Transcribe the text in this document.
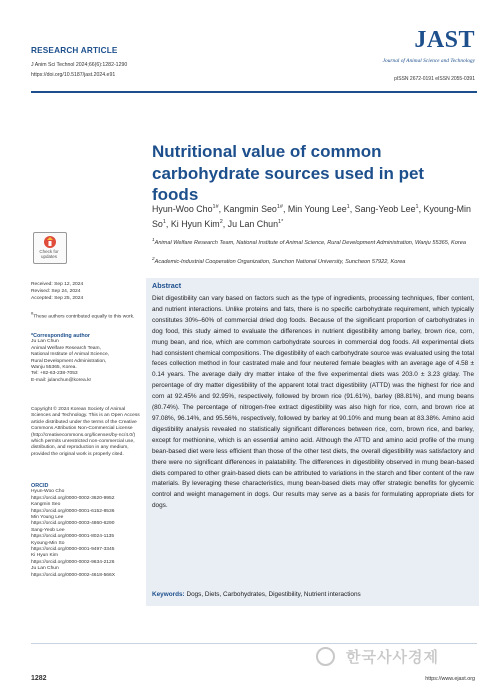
RESEARCH ARTICLE
J Anim Sci Technol 2024;66(6):1282-1290
https://doi.org/10.5187/jast.2024.e91
JAST
Journal of Animal Science and Technology
pISSN 2672-0191 eISSN 2055-0391
Nutritional value of common carbohydrate sources used in pet foods
Hyun-Woo Cho$^{1\#}$, Kangmin Seo$^{1\#}$, Min Young Lee$^1$, Sang-Yeob Lee$^1$, Kyoung-Min So$^1$, Ki Hyun Kim$^2$, Ju Lan Chun$^{1*}$
$^1$Animal Welfare Research Team, National Institute of Animal Science, Rural Development Administration, Wanju 55365, Korea
$^2$Academic-Industrial Cooperation Organization, Sunchon National University, Suncheon 57922, Korea
Check for updates
Received: Sep 12, 2024
Revised: Sep 24, 2024
Accepted: Sep 25, 2024
#These authors contributed equally to this work.
*Corresponding author
Ju Lan Chun
Animal Welfare Research Team,
National Institute of Animal Science,
Rural Development Administration,
Wanju 55365, Korea.
Tel: +82-63-238-7053
E-mail: julanchun@korea.kr
Copyright © 2024 Korean Society of Animal Sciences and Technology. This is an Open Access article distributed under the terms of the Creative Commons Attribution Non-Commercial License (http://creativecommons.org/licenses/by-nc/4.0/) which permits unrestricted non-commercial use, distribution, and reproduction in any medium, provided the original work is properly cited.
ORCID
Hyun-Woo Cho
https://orcid.org/0000-0002-3620-9952
Kangmin Seo
https://orcid.org/0000-0001-6152-8536
Min Young Lee
https://orcid.org/0000-0003-4860-6290
Sang-Yeob Lee
https://orcid.org/0000-0001-8024-1135
Kyoung-Min So
https://orcid.org/0000-0001-9497-3345
Ki Hyun Kim
https://orcid.org/0000-0002-9634-2126
Ju Lan Chun
https://orcid.org/0000-0002-4618-566X
Abstract
Diet digestibility can vary based on factors such as the type of ingredients, processing techniques, fiber content, and nutrient interactions. Unlike proteins and fats, there is no specific carbohydrate requirement, which typically constitutes 30%–60% of commercial dried dog foods. Because of the significant proportion of carbohydrates in dog food, this study aimed to evaluate the differences in nutrient digestibility among barley, brown rice, corn, mung bean, and rice, which are common carbohydrate sources in commercial dog foods. All experimental diets had consistent chemical compositions. The digestibility of each carbohydrate source was evaluated using the total feces collection method in four castrated male and four neutered female beagles with an average age of 4.58 ± 0.14 years. The average daily dry matter intake of the five experimental diets was 203.0 ± 3.23 g/day. The percentage of dry matter digestibility of the apparent total tract digestibility (ATTD) was the highest for rice and corn at 92.45% and 92.95%, respectively, followed by brown rice (91.61%), barley (88.81%), and mung beans (80.74%). The percentage of nitrogen-free extract digestibility was also high for rice, corn, and brown rice at 97.08%, 96.14%, and 95.56%, respectively, followed by barley at 90.10% and mung bean at 83.38%. Amino acid digestibility analysis revealed no statistically significant differences between rice, corn, brown rice, and barley, except for methionine, which is an essential amino acid. Although the ATTD and amino acid profile of the mung bean-based diet were less efficient than those of the other test diets, the overall digestibility was satisfactory and there were no significant differences in palatability. The differences in digestibility observed in mung bean-based diets compared to other grain-based diets can be attributed to variations in the starch and fiber content of the raw materials. By leveraging these characteristics, mung bean-based diets may offer strategic benefits for glycemic control and weight management in dogs. Our results may serve as a basis for formulating appropriate diets for dogs.
Keywords: Dogs, Diets, Carbohydrates, Digestibility, Nutrient interactions
한국사사경제
1282	https://www.ejast.org
